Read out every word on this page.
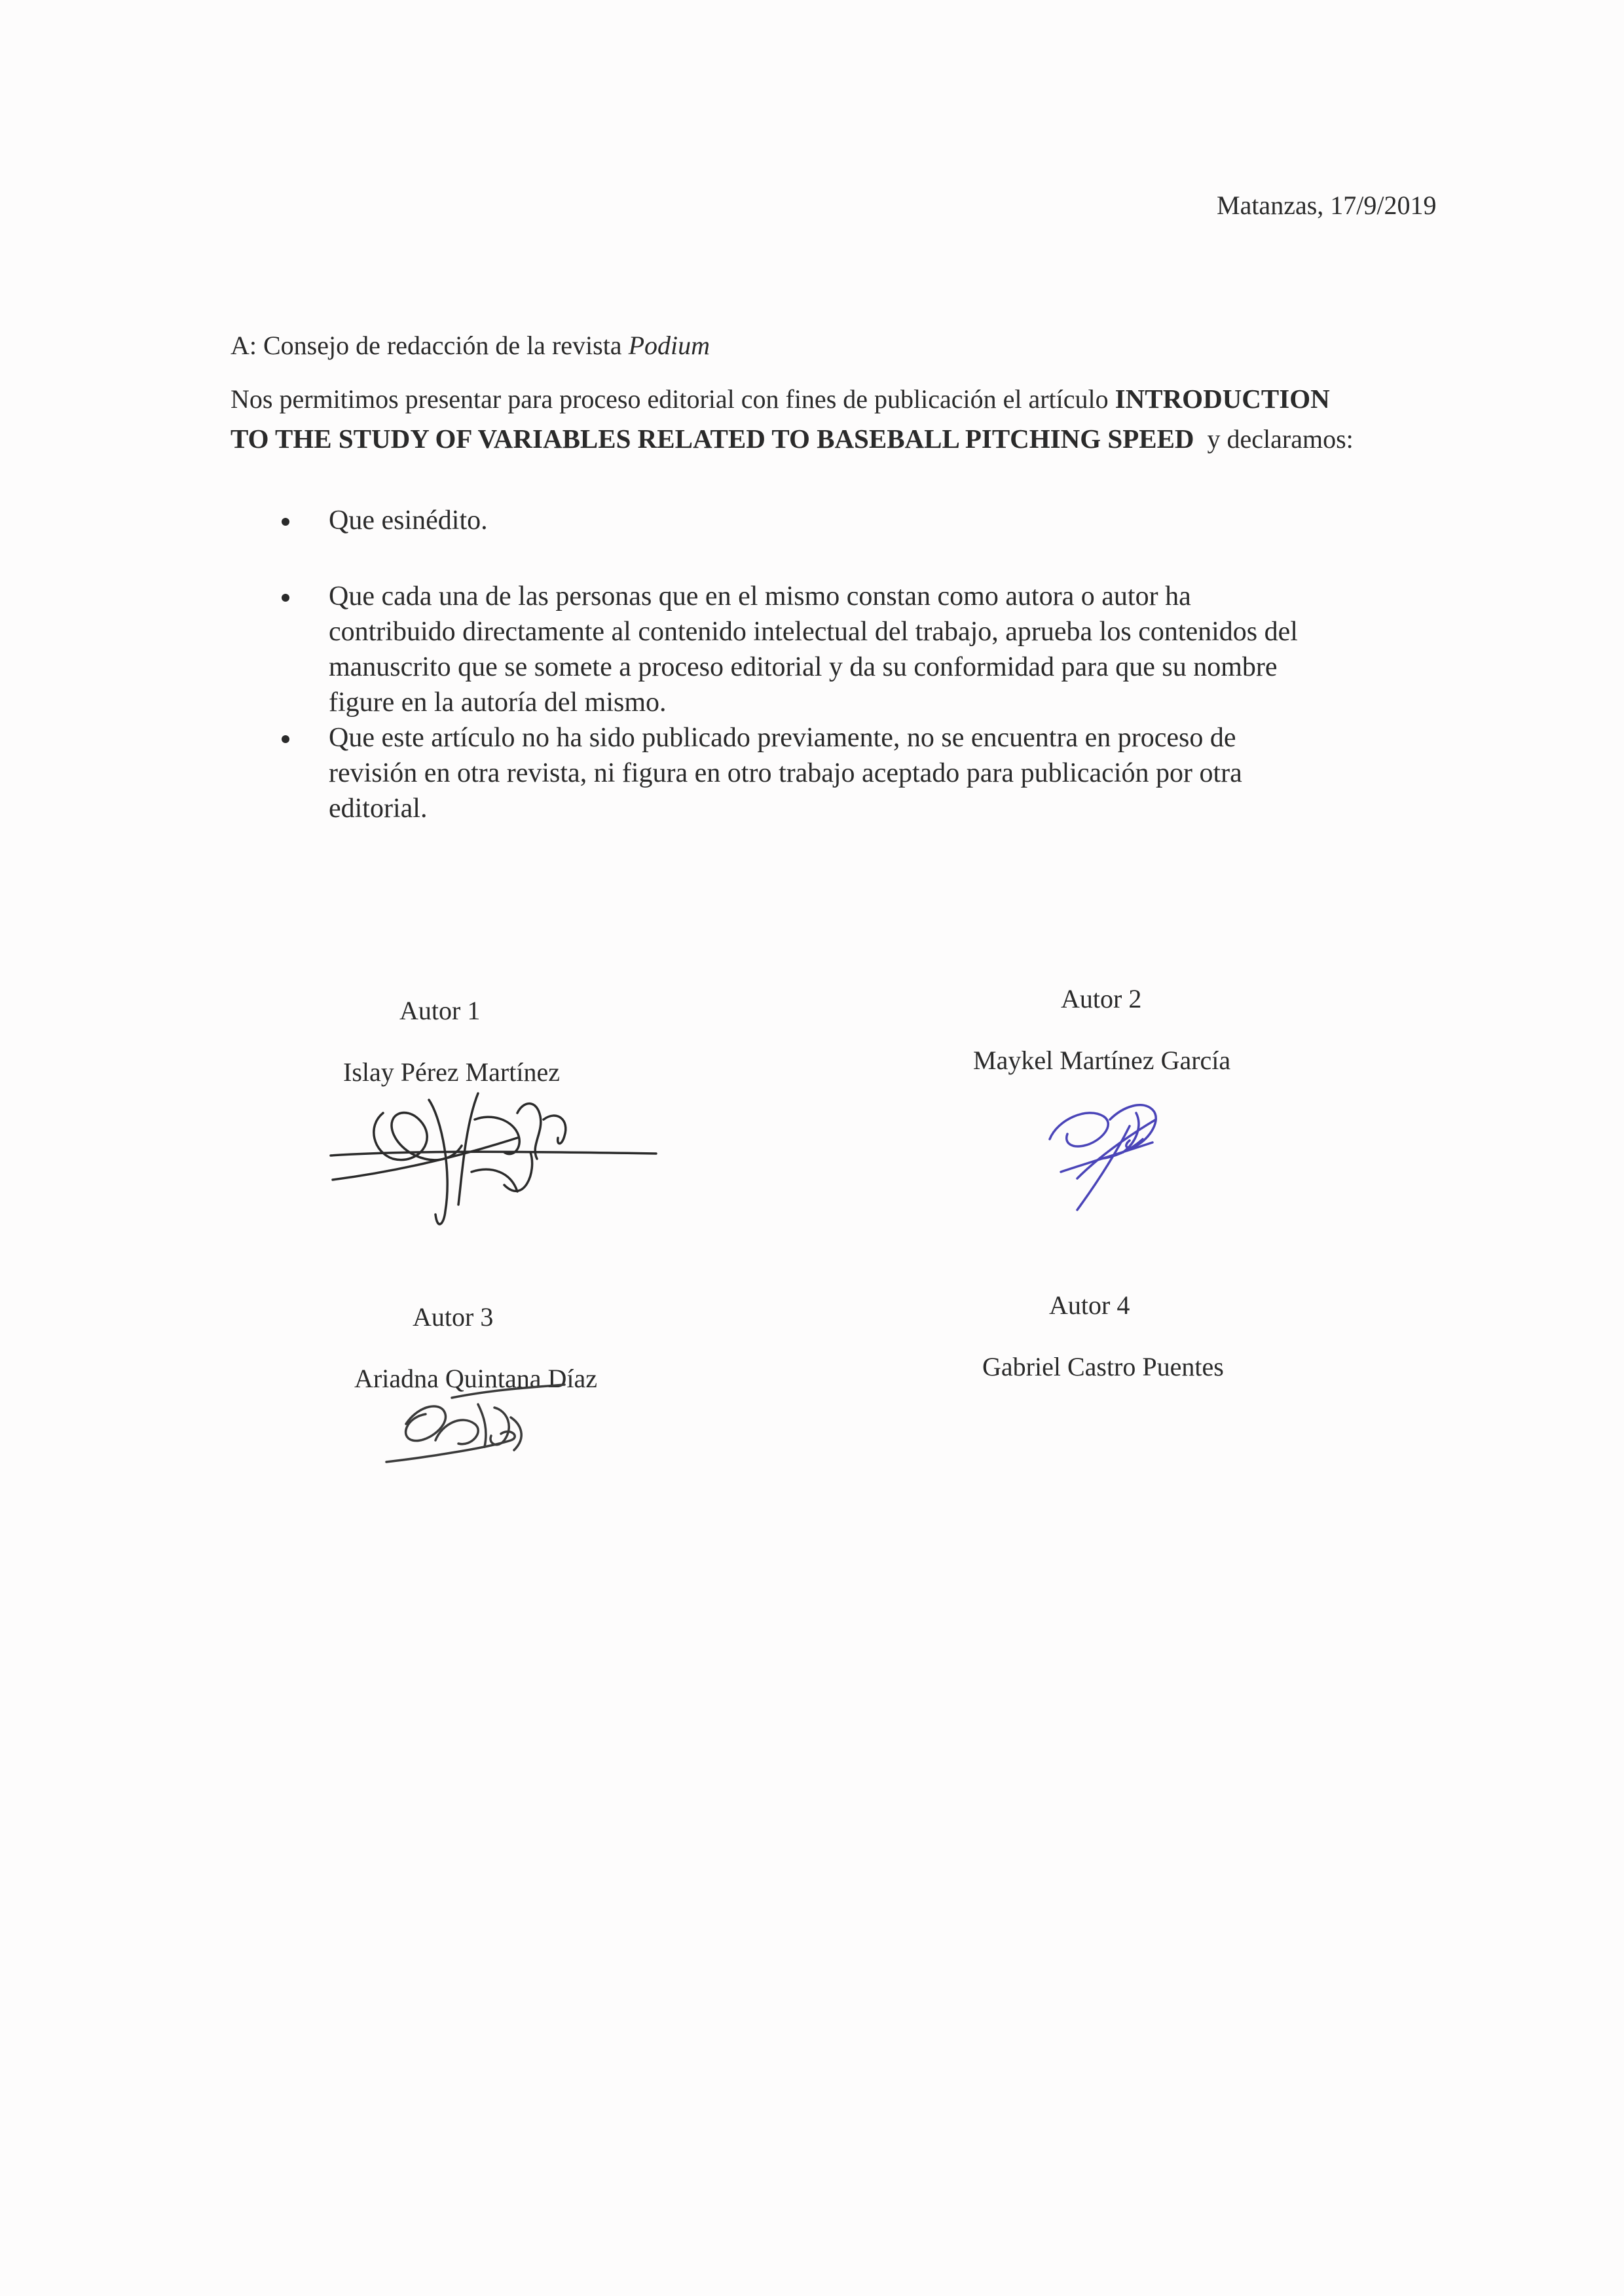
Matanzas, 17/9/2019
A: Consejo de redacción de la revista Podium
Nos permitimos presentar para proceso editorial con fines de publicación el artículo INTRODUCTION
TO THE STUDY OF VARIABLES RELATED TO BASEBALL PITCHING SPEED y declaramos:
Que esinédito.
Que cada una de las personas que en el mismo constan como autora o autor ha
contribuido directamente al contenido intelectual del trabajo, aprueba los contenidos del
manuscrito que se somete a proceso editorial y da su conformidad para que su nombre
figure en la autoría del mismo.
Que este artículo no ha sido publicado previamente, no se encuentra en proceso de
revisión en otra revista, ni figura en otro trabajo aceptado para publicación por otra
editorial.
Autor 1
Islay Pérez Martínez
Autor 2
Maykel Martínez García
Autor 3
Ariadna Quintana Díaz
Autor 4
Gabriel Castro Puentes
